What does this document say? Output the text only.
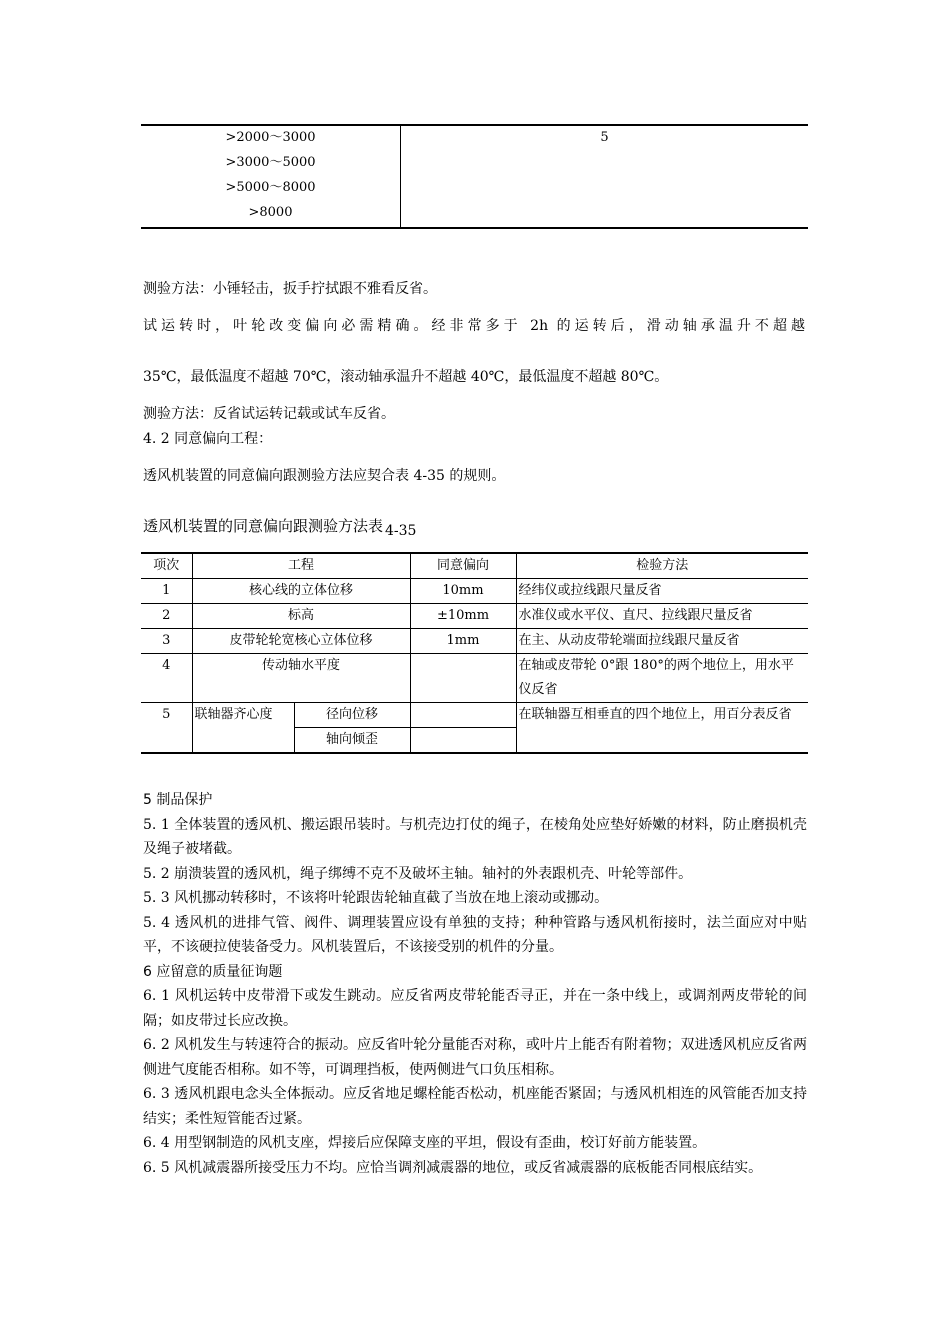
>2000～3000
>3000～5000
>5000～8000
>8000
	5
测验方法：小锤轻击，扳手拧拭跟不雅看反省。
试运转时，叶轮改变偏向必需精确。经非常多于 2h 的运转后，滑动轴承温升不超越
35℃，最低温度不超越 70℃，滚动轴承温升不超越 40℃，最低温度不超越 80℃。
测验方法：反省试运转记载或试车反省。
4. 2 同意偏向工程：
透风机装置的同意偏向跟测验方法应契合表 4-35 的规则。
透风机装置的同意偏向跟测验方法表 4-35
项次	工程		同意偏向	检验方法
1	核心线的立体位移		10mm	经纬仪或拉线跟尺量反省
2	标高		±10mm	水准仪或水平仪、直尺、拉线跟尺量反省
3	皮带轮轮宽核心立体位移		1mm	在主、从动皮带轮端面拉线跟尺量反省
4	传动轴水平度			在轴或皮带轮 0°跟 180°的两个地位上，用水平仪反省
5	联轴器齐心度	径向位移		在联轴器互相垂直的四个地位上，用百分表反省
		轴向倾歪		

5 制品保护

5. 1 全体装置的透风机、搬运跟吊装时。与机壳边打仗的绳子，在棱角处应垫好娇嫩的材料，防止磨损机壳及绳子被堵截。

5. 2 崩溃装置的透风机，绳子绑缚不克不及破坏主轴。轴衬的外表跟机壳、叶轮等部件。

5. 3 风机挪动转移时，不该将叶轮跟齿轮轴直截了当放在地上滚动或挪动。

5. 4 透风机的进排气管、阀件、调理装置应设有单独的支持；种种管路与透风机衔接时，法兰面应对中贴平，不该硬拉使装备受力。风机装置后，不该接受别的机件的分量。

6 应留意的质量征询题

6. 1 风机运转中皮带滑下或发生跳动。应反省两皮带轮能否寻正，并在一条中线上，或调剂两皮带轮的间隔；如皮带过长应改换。

6. 2 风机发生与转速符合的振动。应反省叶轮分量能否对称，或叶片上能否有附着物；双进透风机应反省两侧进气度能否相称。如不等，可调理挡板，使两侧进气口负压相称。

6. 3 透风机跟电念头全体振动。应反省地足螺栓能否松动，机座能否紧固；与透风机相连的风管能否加支持结实；柔性短管能否过紧。

6. 4 用型钢制造的风机支座，焊接后应保障支座的平坦，假设有歪曲，校订好前方能装置。

6. 5 风机减震器所接受压力不均。应恰当调剂减震器的地位，或反省减震器的底板能否同根底结实。
